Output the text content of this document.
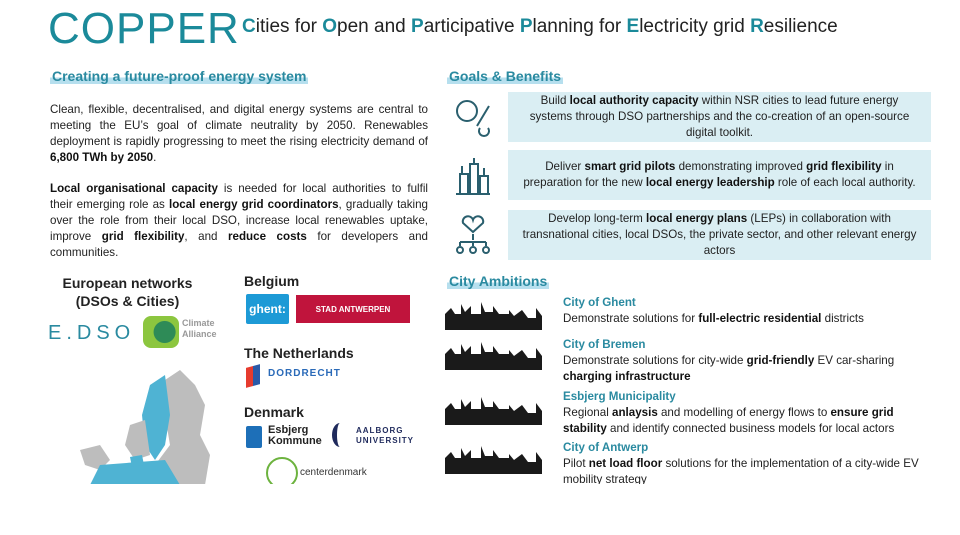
COPPER Cities for Open and Participative Planning for Electricity grid Resilience
Creating a future-proof energy system
Clean, flexible, decentralised, and digital energy systems are central to meeting the EU’s goal of climate neutrality by 2050. Renewables deployment is rapidly progressing to meet the rising electricity demand of 6,800 TWh by 2050.
Local organisational capacity is needed for local authorities to fulfil their emerging role as local energy grid coordinators, gradually taking over the role from their local DSO, increase local renewables uptake, improve grid flexibility, and reduce costs for developers and communities.
European networks (DSOs & Cities)
E.DSO	Climate Alliance
Belgium
ghent:	STAD ANTWERPEN
The Netherlands
DORDRECHT
Denmark
Esbjerg Kommune
AALBORG UNIVERSITY
centerdenmark
Goals & Benefits
Build local authority capacity within NSR cities to lead future energy systems through DSO partnerships and the co-creation of an open-source digital toolkit.
Deliver smart grid pilots demonstrating improved grid flexibility in preparation for the new local energy leadership role of each local authority.
Develop long-term local energy plans (LEPs) in collaboration with transnational cities, local DSOs, the private sector, and other relevant energy actors
City Ambitions
City of Ghent
Demonstrate solutions for full-electric residential districts
City of Bremen
Demonstrate solutions for city-wide grid-friendly EV car-sharing charging infrastructure
Esbjerg Municipality
Regional anlaysis and modelling of energy flows to ensure grid stability and identify connected business models for local actors
City of Antwerp
Pilot net load floor solutions for the implementation of a city-wide EV mobility strategy
